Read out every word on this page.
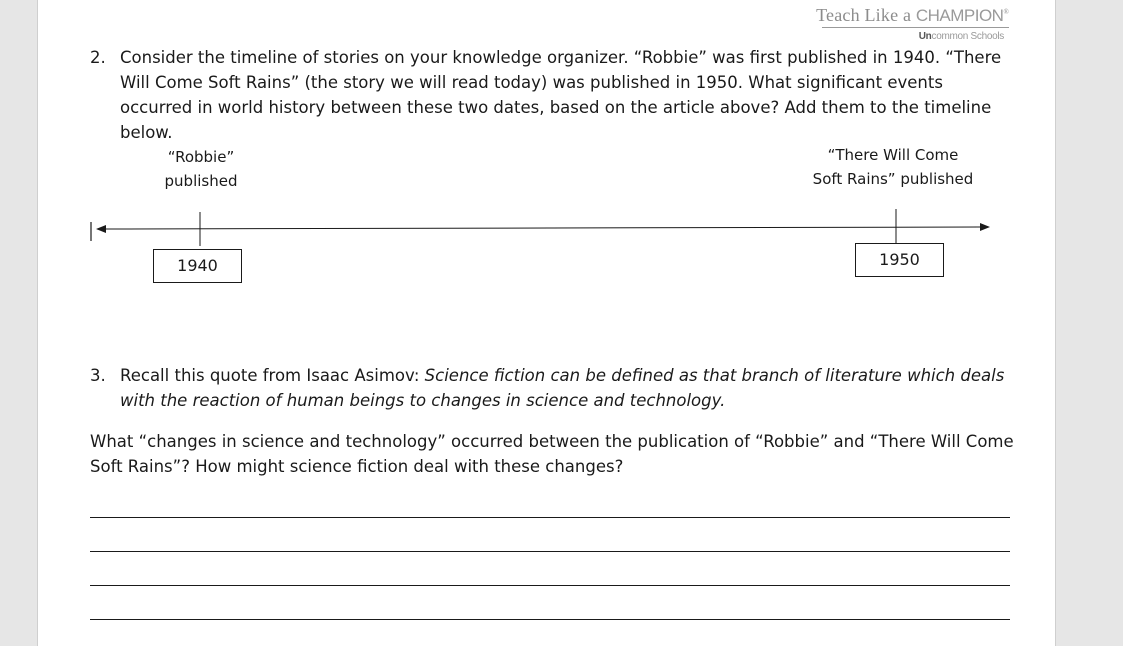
Teach Like a CHAMPION®
Uncommon Schools
2. Consider the timeline of stories on your knowledge organizer. “Robbie” was first published in 1940. “There Will Come Soft Rains” (the story we will read today) was published in 1950. What significant events occurred in world history between these two dates, based on the article above? Add them to the timeline below.
“Robbie”
published
“There Will Come
Soft Rains” published
1940	1950
3. Recall this quote from Isaac Asimov: Science fiction can be defined as that branch of literature which deals with the reaction of human beings to changes in science and technology.
What “changes in science and technology” occurred between the publication of “Robbie” and “There Will Come Soft Rains”? How might science fiction deal with these changes?
